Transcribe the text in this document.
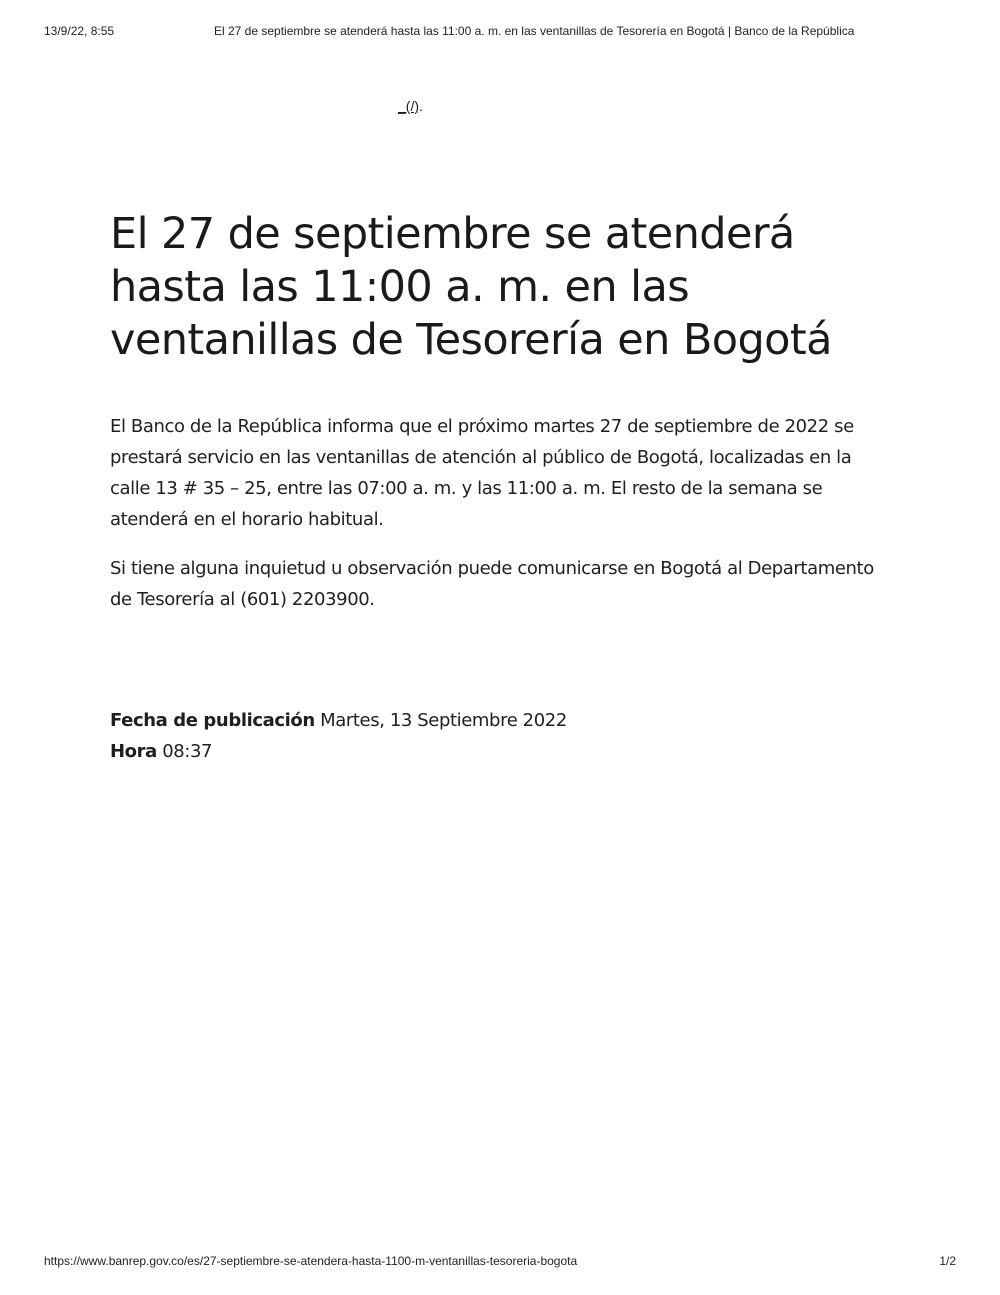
13/9/22, 8:55	El 27 de septiembre se atenderá hasta las 11:00 a. m. en las ventanillas de Tesorería en Bogotá | Banco de la República
_(/).
El 27 de septiembre se atenderá
hasta las 11:00 a. m. en las
ventanillas de Tesorería en Bogotá

El Banco de la República informa que el próximo martes 27 de septiembre de 2022 se prestará servicio en las ventanillas de atención al público de Bogotá, localizadas en la calle 13 # 35 – 25, entre las 07:00 a. m. y las 11:00 a. m. El resto de la semana se atenderá en el horario habitual.

Si tiene alguna inquietud u observación puede comunicarse en Bogotá al Departamento de Tesorería al (601) 2203900.

Fecha de publicación Martes, 13 Septiembre 2022
Hora 08:37
https://www.banrep.gov.co/es/27-septiembre-se-atendera-hasta-1100-m-ventanillas-tesoreria-bogota	1/2
